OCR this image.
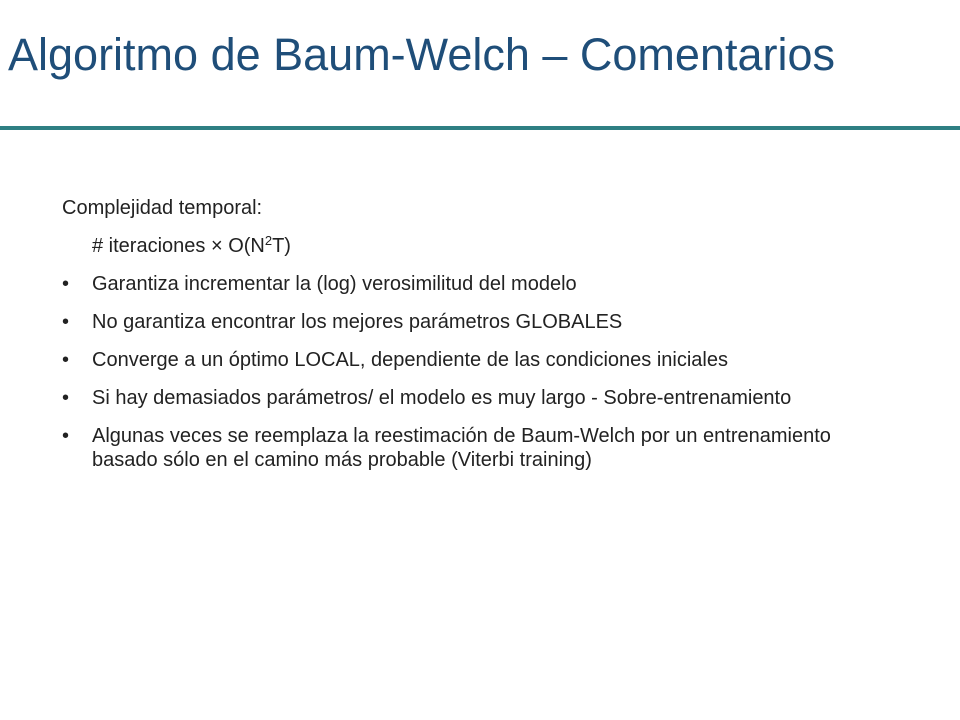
Algoritmo de Baum-Welch – Comentarios
Complejidad temporal:
# iteraciones × $O(N^2T)$
•	Garantiza incrementar la (log) verosimilitud del modelo
•	No garantiza encontrar los mejores parámetros GLOBALES
•	Converge a un óptimo LOCAL, dependiente de las condiciones iniciales
•	Si hay demasiados parámetros/ el modelo es muy largo - Sobre-entrenamiento
•	Algunas veces se reemplaza la reestimación de Baum-Welch por un entrenamiento basado sólo en el camino más probable (Viterbi training)
